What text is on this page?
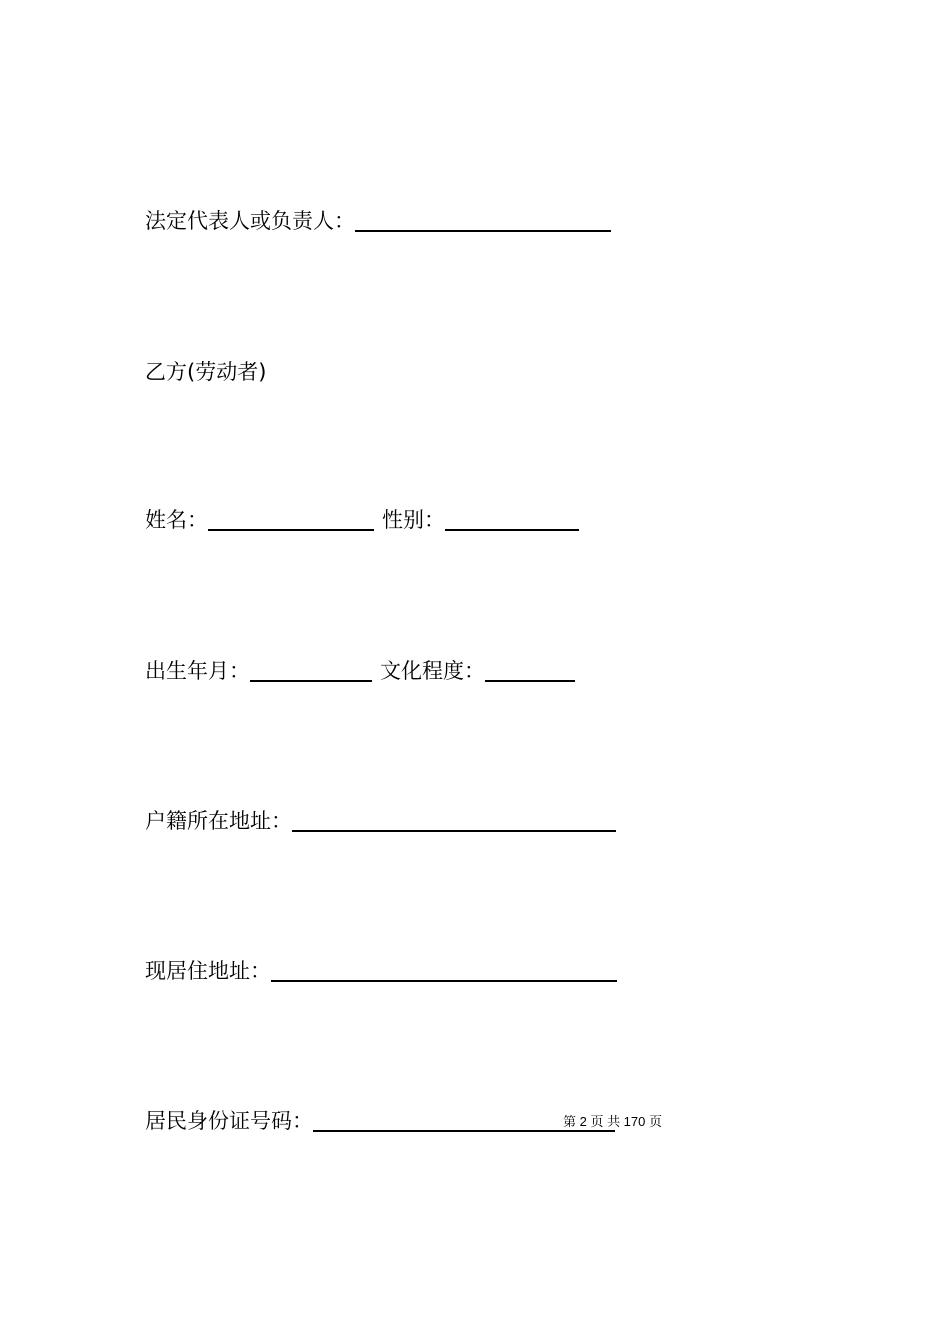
法定代表人或负责人：
乙方(劳动者)
姓名：	性别：
出生年月：	文化程度：
户籍所在地址：
现居住地址：
居民身份证号码：	第 2 页 共 170 页
